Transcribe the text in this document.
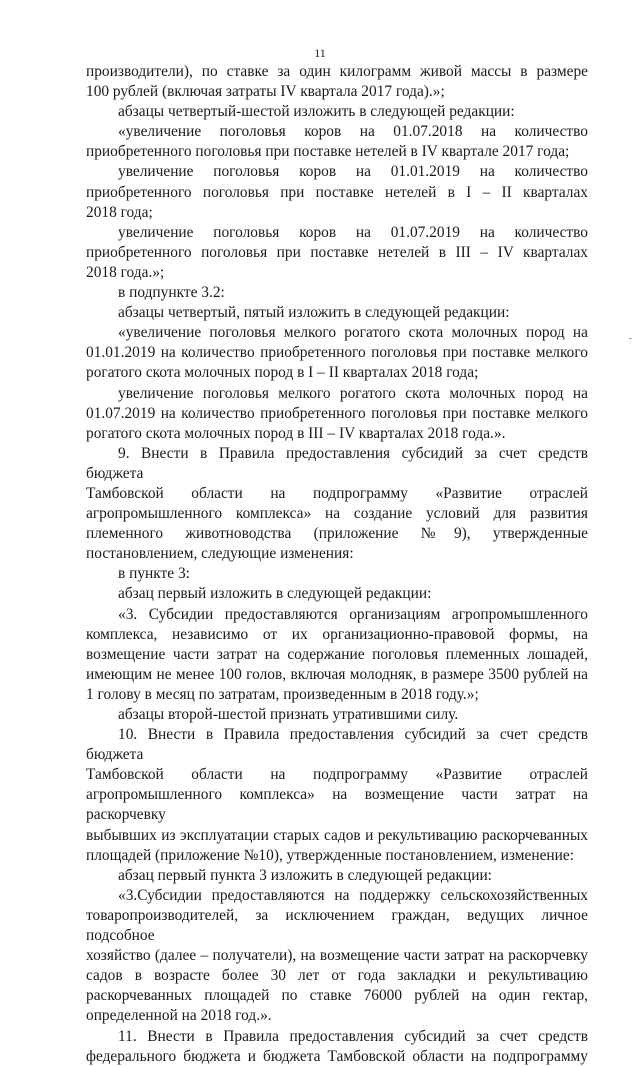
11

производители), по ставке за один килограмм живой массы в размере

100 рублей (включая затраты IV квартала 2017 года).»;

абзацы четвертый-шестой изложить в следующей редакции:

«увеличение поголовья коров на 01.07.2018 на количество

приобретенного поголовья при поставке нетелей в IV квартале 2017 года;

увеличение поголовья коров на 01.01.2019 на количество

приобретенного поголовья при поставке нетелей в I – II кварталах

2018 года;

увеличение поголовья коров на 01.07.2019 на количество

приобретенного поголовья при поставке нетелей в III – IV кварталах

2018 года.»;

в подпункте 3.2:

абзацы четвертый, пятый изложить в следующей редакции:

«увеличение поголовья мелкого рогатого скота молочных пород на

01.01.2019 на количество приобретенного поголовья при поставке мелкого

рогатого скота молочных пород в I – II кварталах 2018 года;

увеличение поголовья мелкого рогатого скота молочных пород на

01.07.2019 на количество приобретенного поголовья при поставке мелкого

рогатого скота молочных пород в III – IV кварталах 2018 года.».

9. Внести в Правила предоставления субсидий за счет средств бюджета

Тамбовской области на подпрограмму «Развитие отраслей

агропромышленного комплекса» на создание условий для развития

племенного животноводства (приложение №9), утвержденные

постановлением, следующие изменения:

в пункте 3:

абзац первый изложить в следующей редакции:

«3. Субсидии предоставляются организациям агропромышленного

комплекса, независимо от их организационно-правовой формы, на

возмещение части затрат на содержание поголовья племенных лошадей,

имеющим не менее 100 голов, включая молодняк, в размере 3500 рублей на

1 голову в месяц по затратам, произведенным в 2018 году.»;

абзацы второй-шестой признать утратившими силу.

10. Внести в Правила предоставления субсидий за счет средств бюджета

Тамбовской области на подпрограмму «Развитие отраслей

агропромышленного комплекса» на возмещение части затрат на раскорчевку

выбывших из эксплуатации старых садов и рекультивацию раскорчеванных

площадей (приложение №10), утвержденные постановлением, изменение:

абзац первый пункта 3 изложить в следующей редакции:

«3.Субсидии предоставляются на поддержку сельскохозяйственных

товаропроизводителей, за исключением граждан, ведущих личное подсобное

хозяйство (далее – получатели), на возмещение части затрат на раскорчевку

садов в возрасте более 30 лет от года закладки и рекультивацию

раскорчеванных площадей по ставке 76000 рублей на один гектар,

определенной на 2018 год.».

11. Внести в Правила предоставления субсидий за счет средств

федерального бюджета и бюджета Тамбовской области на подпрограмму

-
